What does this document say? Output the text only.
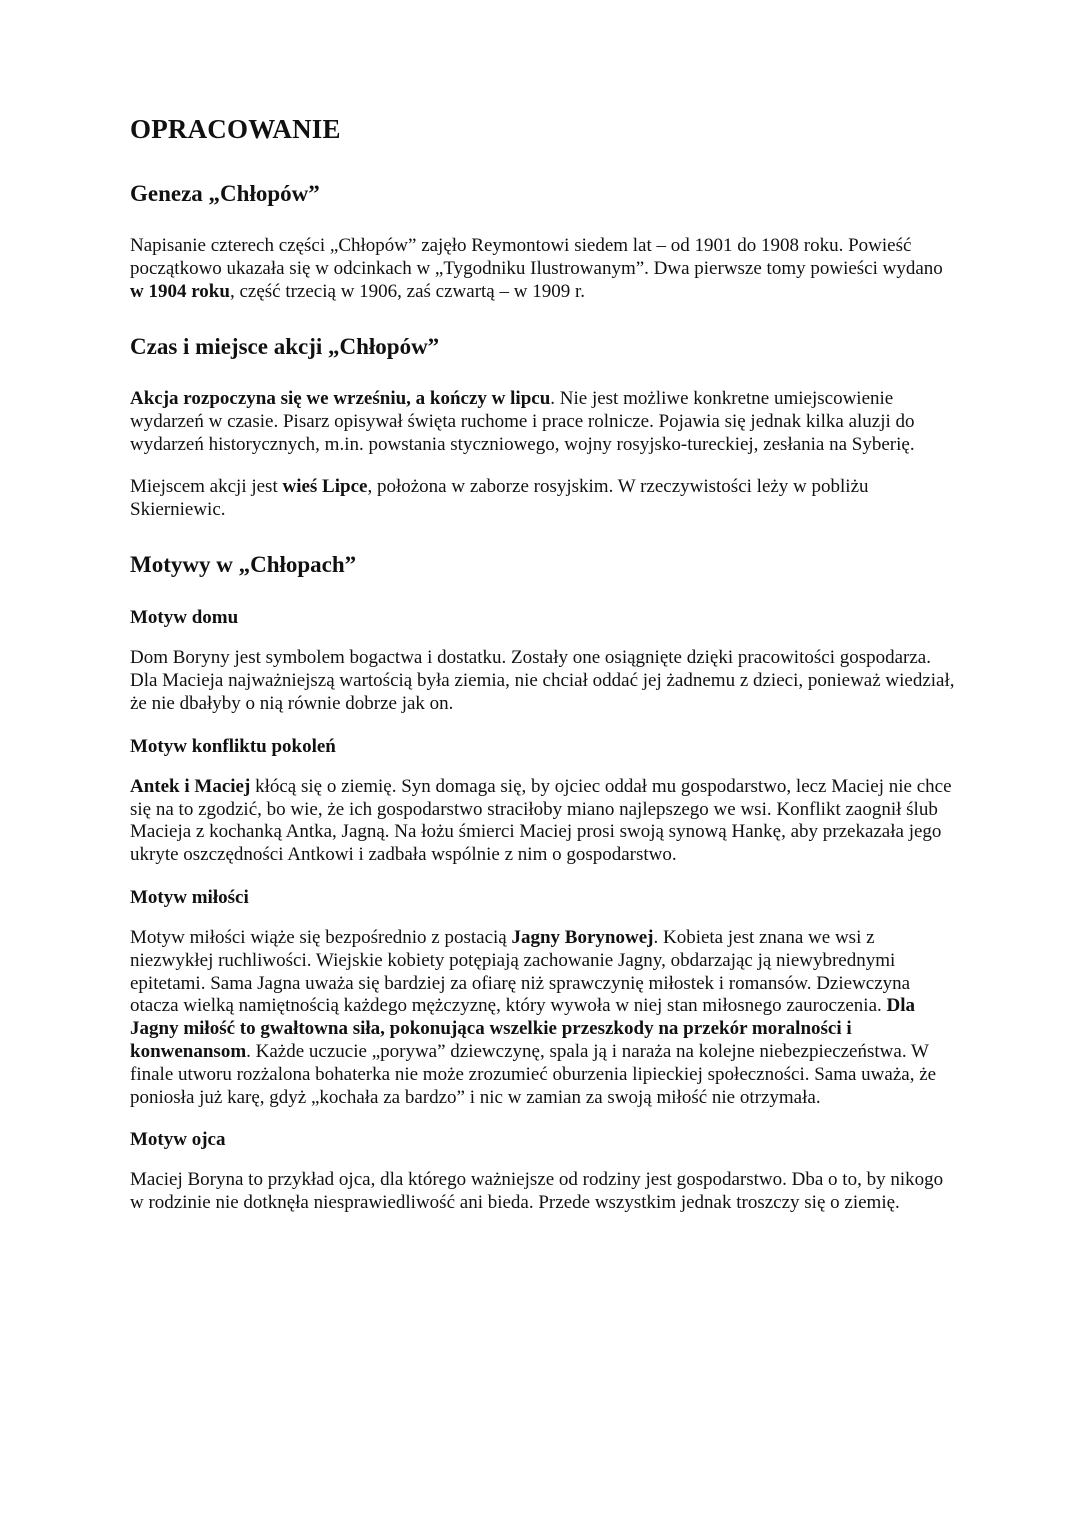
OPRACOWANIE
Geneza „Chłopów”

Napisanie czterech części „Chłopów” zajęło Reymontowi siedem lat – od 1901 do 1908 roku. Powieść początkowo ukazała się w odcinkach w „Tygodniku Ilustrowanym”. Dwa pierwsze tomy powieści wydano w 1904 roku, część trzecią w 1906, zaś czwartą – w 1909 r.

Czas i miejsce akcji „Chłopów”

Akcja rozpoczyna się we wrześniu, a kończy w lipcu. Nie jest możliwe konkretne umiejscowienie wydarzeń w czasie. Pisarz opisywał święta ruchome i prace rolnicze. Pojawia się jednak kilka aluzji do wydarzeń historycznych, m.in. powstania styczniowego, wojny rosyjsko-tureckiej, zesłania na Syberię.

Miejscem akcji jest wieś Lipce, położona w zaborze rosyjskim. W rzeczywistości leży w pobliżu Skierniewic.

Motywy w „Chłopach”
Motyw domu

Dom Boryny jest symbolem bogactwa i dostatku. Zostały one osiągnięte dzięki pracowitości gospodarza. Dla Macieja najważniejszą wartością była ziemia, nie chciał oddać jej żadnemu z dzieci, ponieważ wiedział, że nie dbałyby o nią równie dobrze jak on.

Motyw konfliktu pokoleń

Antek i Maciej kłócą się o ziemię. Syn domaga się, by ojciec oddał mu gospodarstwo, lecz Maciej nie chce się na to zgodzić, bo wie, że ich gospodarstwo straciłoby miano najlepszego we wsi. Konflikt zaognił ślub Macieja z kochanką Antka, Jagną. Na łożu śmierci Maciej prosi swoją synową Hankę, aby przekazała jego ukryte oszczędności Antkowi i zadbała wspólnie z nim o gospodarstwo.

Motyw miłości

Motyw miłości wiąże się bezpośrednio z postacią Jagny Borynowej. Kobieta jest znana we wsi z niezwykłej ruchliwości. Wiejskie kobiety potępiają zachowanie Jagny, obdarzając ją niewybrednymi epitetami. Sama Jagna uważa się bardziej za ofiarę niż sprawczynię miłostek i romansów. Dziewczyna otacza wielką namiętnością każdego mężczyznę, który wywoła w niej stan miłosnego zauroczenia. Dla Jagny miłość to gwałtowna siła, pokonująca wszelkie przeszkody na przekór moralności i konwenansom. Każde uczucie „porywa” dziewczynę, spala ją i naraża na kolejne niebezpieczeństwa. W finale utworu rozżalona bohaterka nie może zrozumieć oburzenia lipieckiej społeczności. Sama uważa, że poniosła już karę, gdyż „kochała za bardzo” i nic w zamian za swoją miłość nie otrzymała.

Motyw ojca

Maciej Boryna to przykład ojca, dla którego ważniejsze od rodziny jest gospodarstwo. Dba o to, by nikogo w rodzinie nie dotknęła niesprawiedliwość ani bieda. Przede wszystkim jednak troszczy się o ziemię.
